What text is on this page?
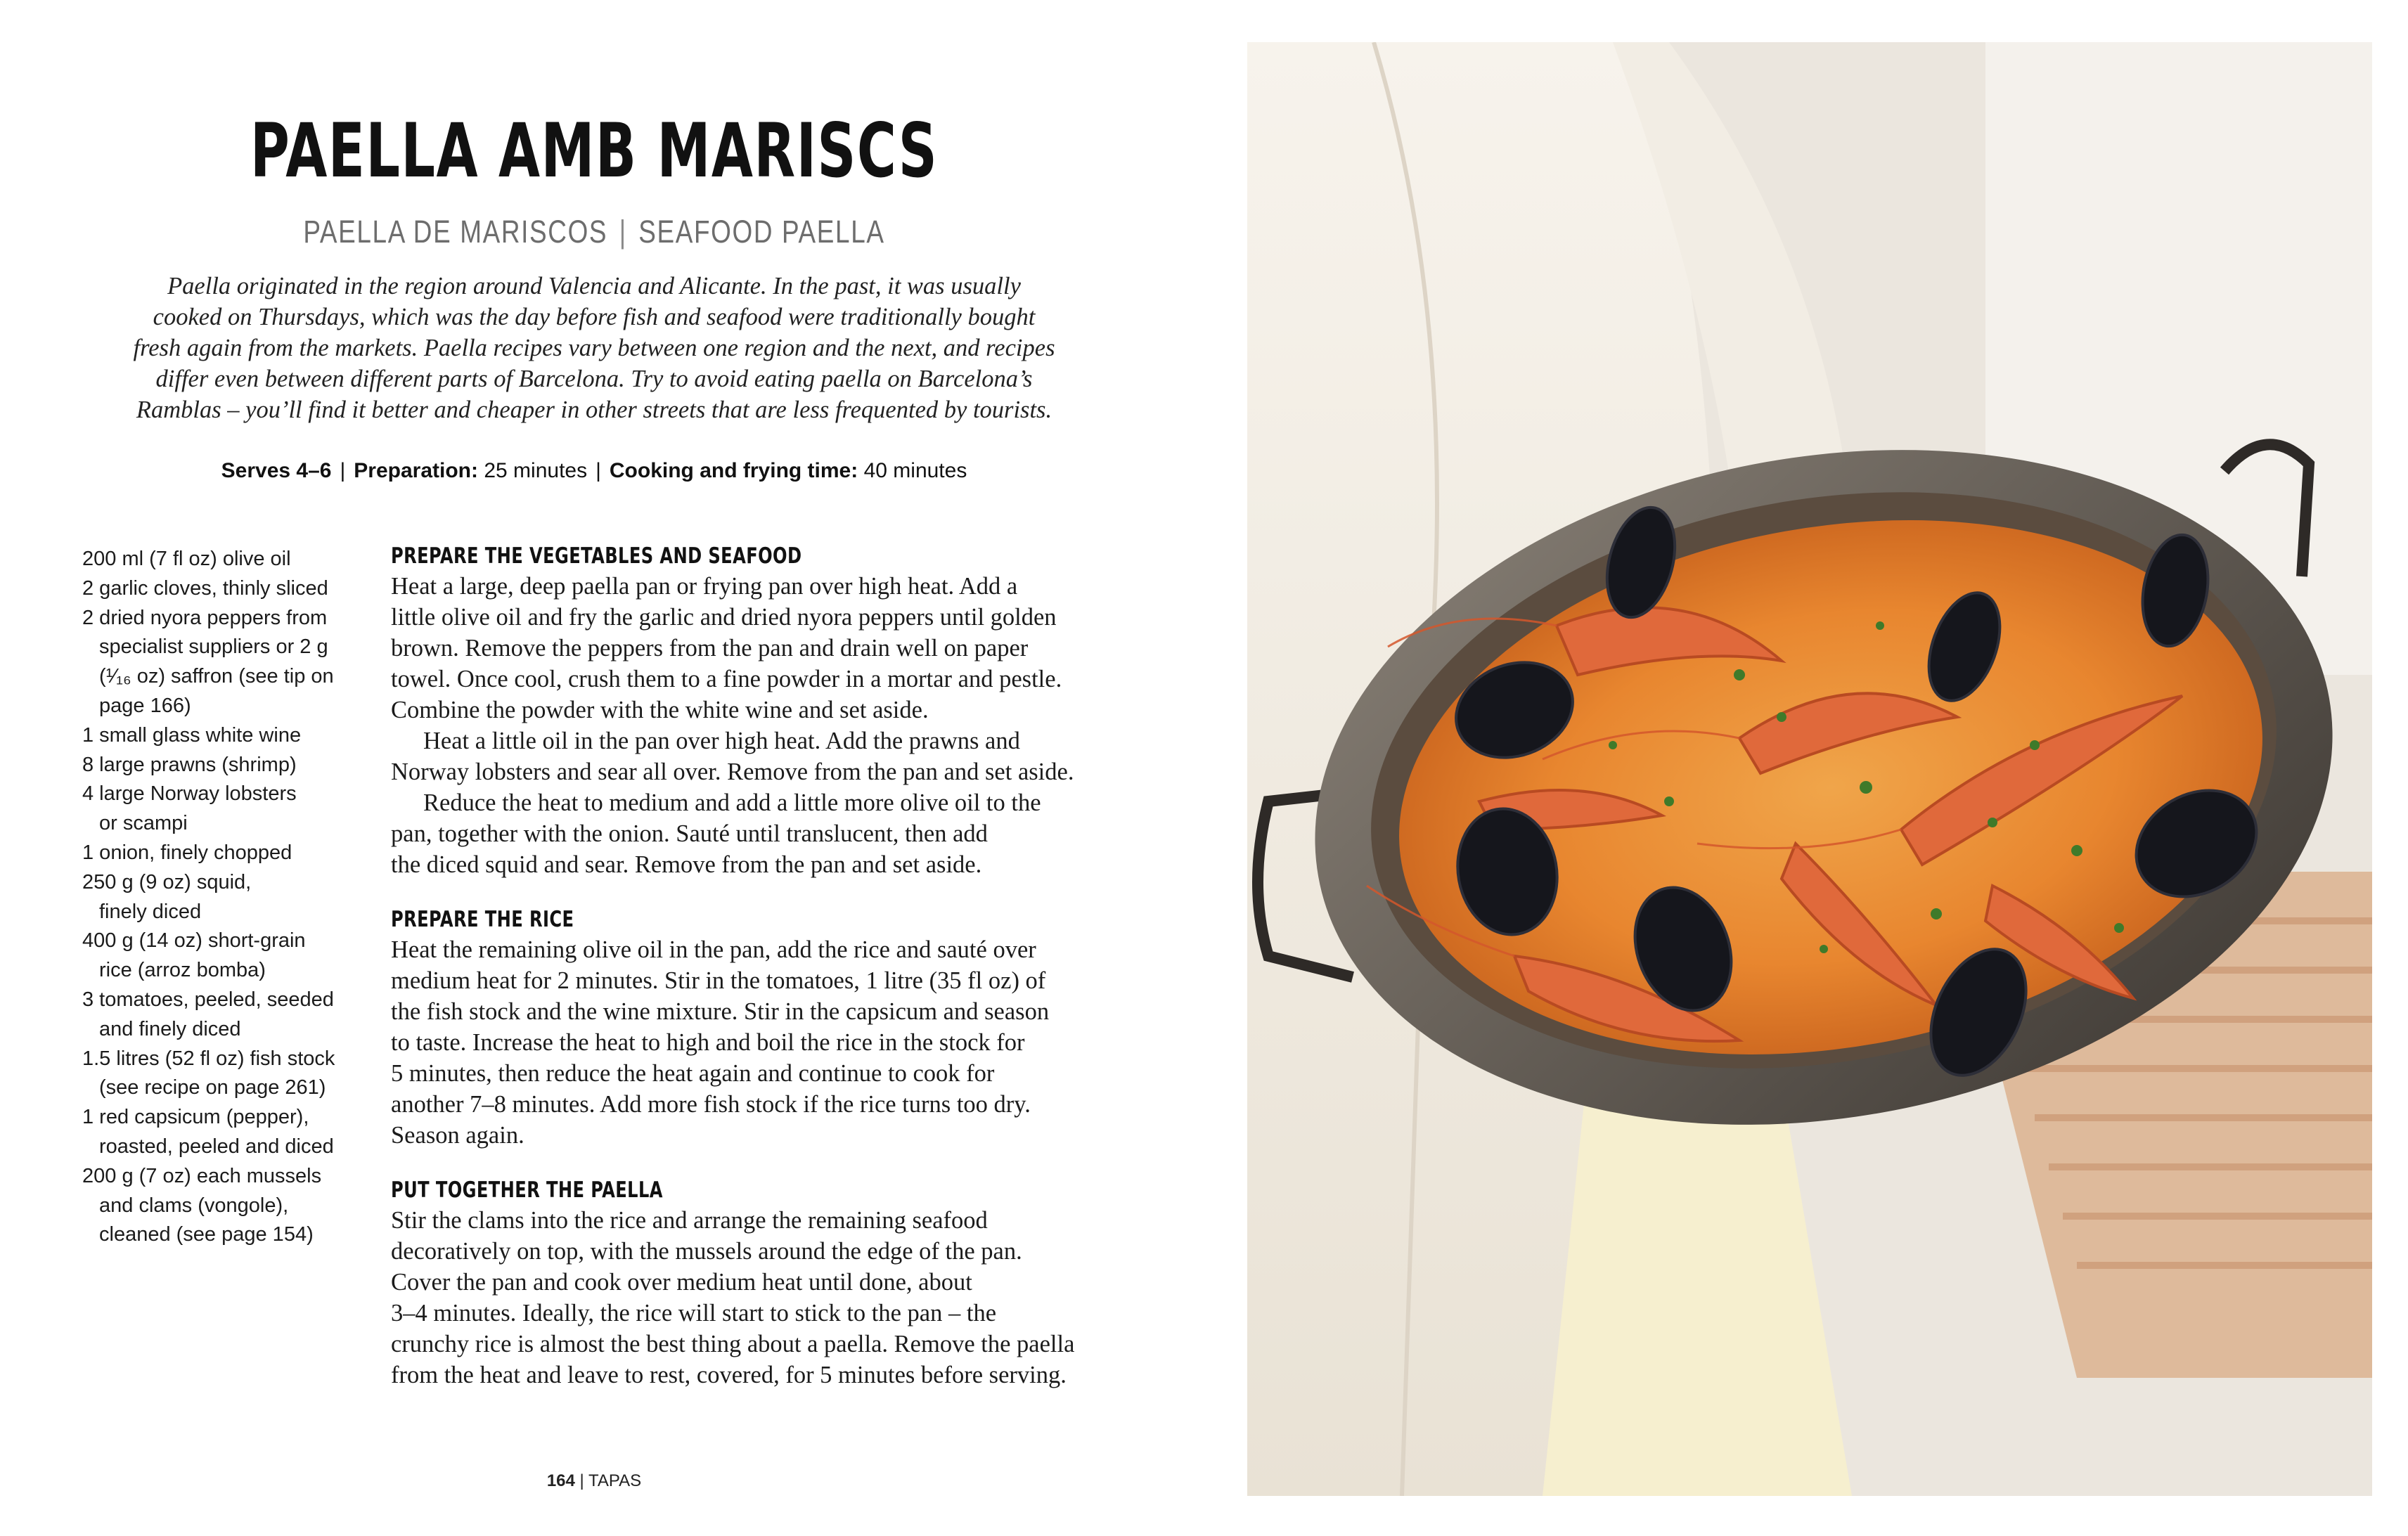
PAELLA AMB MARISCS
PAELLA DE MARISCOS | SEAFOOD PAELLA

Paella originated in the region around Valencia and Alicante. In the past, it was usually
cooked on Thursdays, which was the day before fish and seafood were traditionally bought
fresh again from the markets. Paella recipes vary between one region and the next, and recipes
differ even between different parts of Barcelona. Try to avoid eating paella on Barcelona’s
Ramblas – you’ll find it better and cheaper in other streets that are less frequented by tourists.

Serves 4–6 | Preparation: 25 minutes | Cooking and frying time: 40 minutes
200 ml (7 fl oz) olive oil
2 garlic cloves, thinly sliced
2 dried nyora peppers from
specialist suppliers or 2 g
(¹⁄₁₆ oz) saffron (see tip on
page 166)
1 small glass white wine
8 large prawns (shrimp)
4 large Norway lobsters
or scampi
1 onion, finely chopped
250 g (9 oz) squid,
finely diced
400 g (14 oz) short-grain
rice (arroz bomba)
3 tomatoes, peeled, seeded
and finely diced
1.5 litres (52 fl oz) fish stock
(see recipe on page 261)
1 red capsicum (pepper),
roasted, peeled and diced
200 g (7 oz) each mussels
and clams (vongole),
cleaned (see page 154)
PREPARE THE VEGETABLES AND SEAFOOD

Heat a large, deep paella pan or frying pan over high heat. Add a
little olive oil and fry the garlic and dried nyora peppers until golden
brown. Remove the peppers from the pan and drain well on paper
towel. Once cool, crush them to a fine powder in a mortar and pestle.
Combine the powder with the white wine and set aside.
Heat a little oil in the pan over high heat. Add the prawns and
Norway lobsters and sear all over. Remove from the pan and set aside.
Reduce the heat to medium and add a little more olive oil to the
pan, together with the onion. Sauté until translucent, then add
the diced squid and sear. Remove from the pan and set aside.

PREPARE THE RICE

Heat the remaining olive oil in the pan, add the rice and sauté over
medium heat for 2 minutes. Stir in the tomatoes, 1 litre (35 fl oz) of
the fish stock and the wine mixture. Stir in the capsicum and season
to taste. Increase the heat to high and boil the rice in the stock for
5 minutes, then reduce the heat again and continue to cook for
another 7–8 minutes. Add more fish stock if the rice turns too dry.
Season again.

PUT TOGETHER THE PAELLA

Stir the clams into the rice and arrange the remaining seafood
decoratively on top, with the mussels around the edge of the pan.
Cover the pan and cook over medium heat until done, about
3–4 minutes. Ideally, the rice will start to stick to the pan – the
crunchy rice is almost the best thing about a paella. Remove the paella
from the heat and leave to rest, covered, for 5 minutes before serving.

164 | TAPAS
